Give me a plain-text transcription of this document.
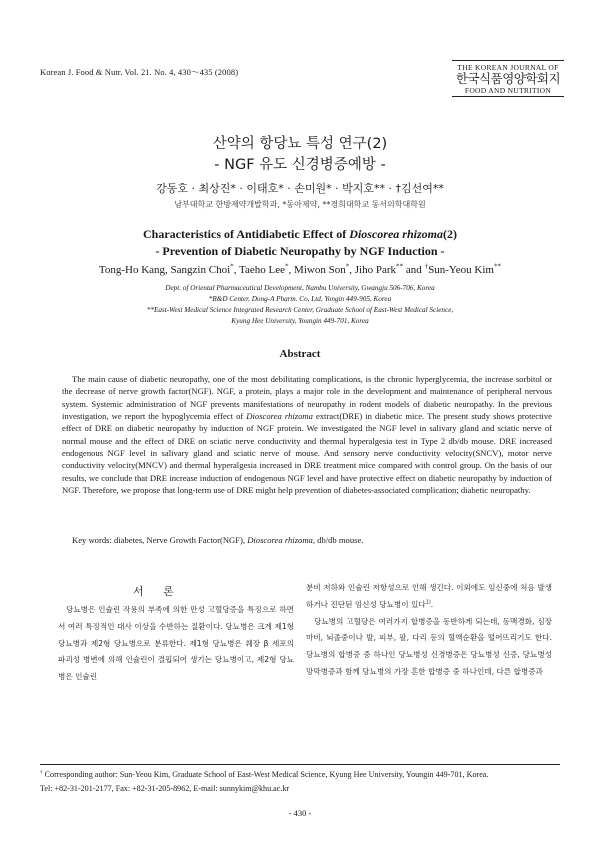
Korean J. Food & Nutr. Vol. 21. No. 4, 430～435 (2008)	THE KOREAN JOURNAL OF
한국식품영양학회지
FOOD AND NUTRITION
산약의 항당뇨 특성 연구(2)
- NGF 유도 신경병증예방 -
강동호 · 최상진* · 이태호* · 손미원* · 박지호** · †김선여**
남부대학교 한방제약개발학과, *동아제약, **경희대학교 동서의학대학원
Characteristics of Antidiabetic Effect of Dioscorea rhizoma(2)
- Prevention of Diabetic Neuropathy by NGF Induction -
Tong-Ho Kang, Sangzin Choi*, Taeho Lee*, Miwon Son*, Jiho Park** and †Sun-Yeou Kim**
Dept. of Oriental Pharmaceutical Development, Nambu University, Gwangju 506-706, Korea
*R&D Center, Dong-A Pharm. Co, Ltd, Yongin 449-905, Korea
**East-West Medical Science Integrated Research Center, Graduate School of East-West Medical Science,
Kyung Hee University, Youngin 449-701, Korea
Abstract
The main cause of diabetic neuropathy, one of the most debilitating complications, is the chronic hyperglycemia, the increase sorbitol or the decrease of nerve growth factor(NGF). NGF, a protein, plays a major role in the development and maintenance of peripheral nervous system. Systemic administration of NGF prevents manifestations of neuropathy in rodent models of diabetic neuropathy. In the previous investigation, we report the hypoglycemia effect of Dioscorea rhizoma extract(DRE) in diabetic mice. The present study shows protective effect of DRE on diabetic neuropathy by induction of NGF protein. We investigated the NGF level in salivary gland and sciatic nerve of normal mouse and the effect of DRE on sciatic nerve conductivity and thermal hyperalgesia test in Type 2 db/db mouse. DRE increased endogenous NGF level in salivary gland and sciatic nerve of mouse. And sensory nerve conductivity velocity(SNCV), motor nerve conductivity velocity(MNCV) and thermal hyperalgesia increased in DRE treatment mice compared with control group. On the basis of our results, we conclude that DRE increase induction of endogenous NGF level and have protective effect on diabetic neuropathy by induction of NGF. Therefore, we propose that long-term use of DRE might help prevention of diabetes-associated complication; diabetic neuropathy.
Key words: diabetes, Nerve Growth Factor(NGF), Dioscorea rhizoma, db/db mouse.
서 론
당뇨병은 인슐린 작용의 부족에 의한 만성 고혈당증을 특징으로 하면서 여러 특징적인 대사 이상을 수반하는 질환이다. 당뇨병은 크게 제1형 당뇨병과 제2형 당뇨병으로 분류한다. 제1형 당뇨병은 췌장 β 세포의 파괴성 병변에 의해 인슐린이 결핍되어 생기는 당뇨병이고, 제2형 당뇨병은 인슐린

분비 저하와 인슐린 저항성으로 인해 생긴다. 이외에도 임신중에 처음 발생하거나 진단된 임신성 당뇨병이 있다$^{1)}$.

당뇨병의 고혈당은 여러가지 합병증을 동반하게 되는데, 동맥경화, 심장 마비, 뇌졸중이나 발, 피부, 팔, 다리 등의 혈액순환을 떨어뜨리기도 한다. 당뇨병의 합병증 중 하나인 당뇨병성 신경병증은 당뇨병성 신증, 당뇨병성 망막병증과 함께 당뇨병의 가장 흔한 합병증 중 하나인데, 다른 합병증과

† Corresponding author: Sun-Yeou Kim, Graduate School of East-West Medical Science, Kyung Hee University, Youngin 449-701, Korea.
Tel: +82-31-201-2177, Fax: +82-31-205-8962, E-mail: sunnykim@khu.ac.kr
- 430 -
